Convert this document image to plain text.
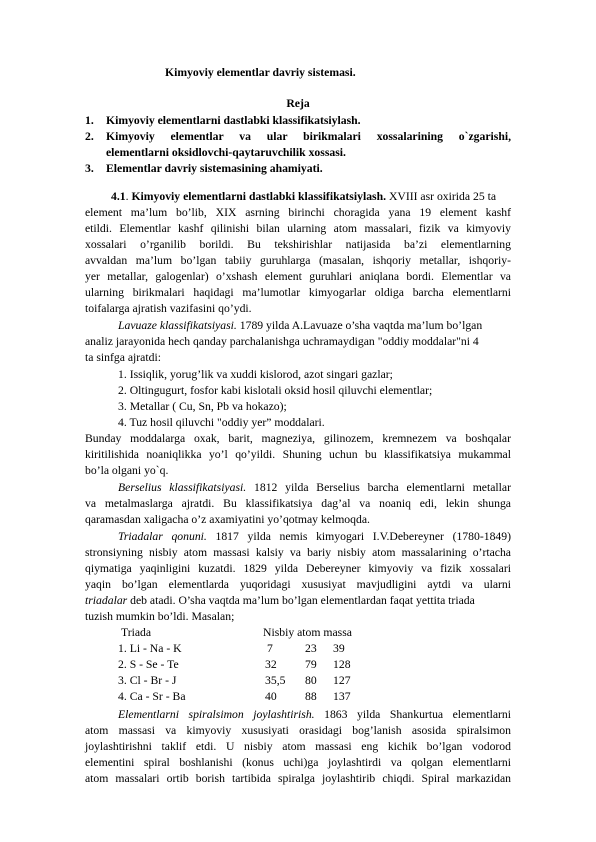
Kimyoviy elementlar davriy sistemasi.
Reja
1. Kimyoviy elementlarni dastlabki klassifikatsiylash.
2. Kimyoviy elementlar va ular birikmalari xossalarining o`zgarishi,
elementlarni oksidlovchi-qaytaruvchilik xossasi.
3. Elementlar davriy sistemasining ahamiyati.
4.1. Kimyoviy elementlarni dastlabki klassifikatsiylash. XVIII asr oxirida 25 ta
element ma’lum bo’lib, XIX asrning birinchi choragida yana 19 element kashf
etildi. Elementlar kashf qilinishi bilan ularning atom massalari, fizik va kimyoviy
xossalari o’rganilib borildi. Bu tekshirishlar natijasida ba’zi elementlarning
avvaldan ma’lum bo’lgan tabiiy guruhlarga (masalan, ishqoriy metallar, ishqoriy-
yer metallar, galogenlar) o’xshash element guruhlari aniqlana bordi. Elementlar va
ularning birikmalari haqidagi ma’lumotlar kimyogarlar oldiga barcha elementlarni
toifalarga ajratish vazifasini qo’ydi.
Lavuaze klassifikatsiyasi. 1789 yilda A.Lavuaze o’sha vaqtda ma’lum bo’lgan
analiz jarayonida hech qanday parchalanishga uchramaydigan "oddiy moddalar"ni 4
ta sinfga ajratdi:
1. Issiqlik, yorug’lik va xuddi kislorod, azot singari gazlar;
2. Oltingugurt, fosfor kabi kislotali oksid hosil qiluvchi elementlar;
3. Metallar ( Cu, Sn, Pb va hokazo);
4. Tuz hosil qiluvchi "oddiy yer” moddalari.
Bunday moddalarga oxak, barit, magneziya, gilinozem, kremnezem va boshqalar
kiritilishida noaniqlikka yo’l qo’yildi. Shuning uchun bu klassifikatsiya mukammal
bo’la olgani yo`q.
Berselius klassifikatsiyasi. 1812 yilda Berselius barcha elementlarni metallar
va metalmaslarga ajratdi. Bu klassifikatsiya dag’al va noaniq edi, lekin shunga
qaramasdan xaligacha o’z axamiyatini yo’qotmay kelmoqda.
Triadalar qonuni. 1817 yilda nemis kimyogari I.V.Debereyner (1780-1849)
stronsiyning nisbiy atom massasi kalsiy va bariy nisbiy atom massalarining o’rtacha
qiymatiga yaqinligini kuzatdi. 1829 yilda Debereyner kimyoviy va fizik xossalari
yaqin bo’lgan elementlarda yuqoridagi xususiyat mavjudligini aytdi va ularni
triadalar deb atadi. O’sha vaqtda ma’lum bo’lgan elementlardan faqat yettita triada
tuzish mumkin bo’ldi. Masalan;
Triada	Nisbiy atom massa		
1. Li - Na - K	7	23	39
2. S - Se - Te	32	79	128
3. Cl - Br - J	35,5	80	127
4. Ca - Sr - Ba	40	88	137
Elementlarni spiralsimon joylashtirish. 1863 yilda Shankurtua elementlarni
atom massasi va kimyoviy xususiyati orasidagi bog’lanish asosida spiralsimon
joylashtirishni taklif etdi. U nisbiy atom massasi eng kichik bo’lgan vodorod
elementini spiral boshlanishi (konus uchi)ga joylashtirdi va qolgan elementlarni
atom massalari ortib borish tartibida spiralga joylashtirib chiqdi. Spiral markazidan
